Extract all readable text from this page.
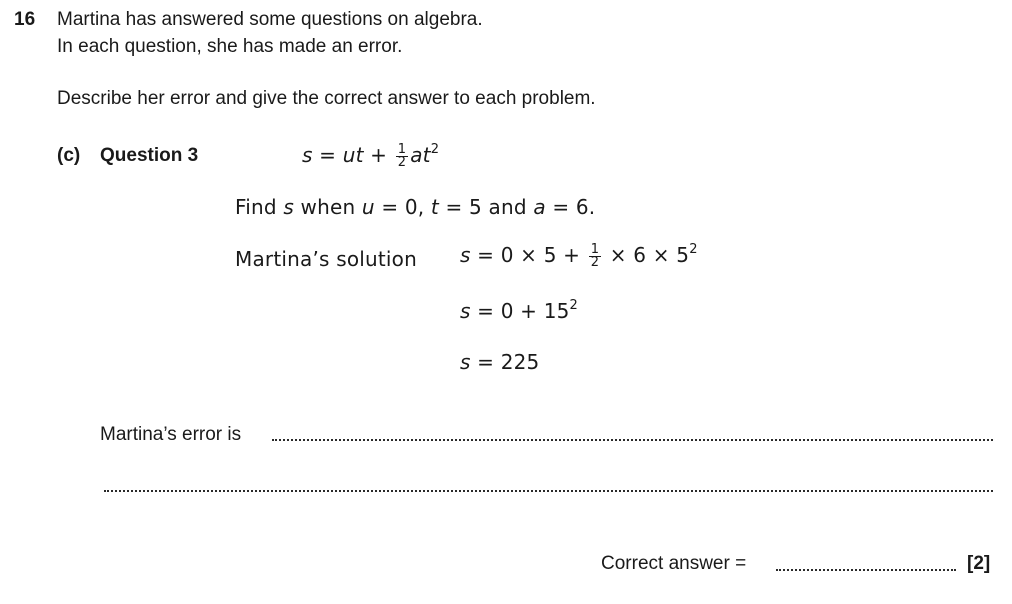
16 Martina has answered some questions on algebra.
In each question, she has made an error.
Describe her error and give the correct answer to each problem.
(c) Question 3	s = ut + $\frac{1}{2} at^2$
Find s when u = 0, t = 5 and a = 6.
Martina’s solution $s = 0 \times 5 + \frac{1}{2} \times 6 \times 5^2$
$s = 0 + 15^2$
s = 225
Martina’s error is
Correct answer =	[2]
